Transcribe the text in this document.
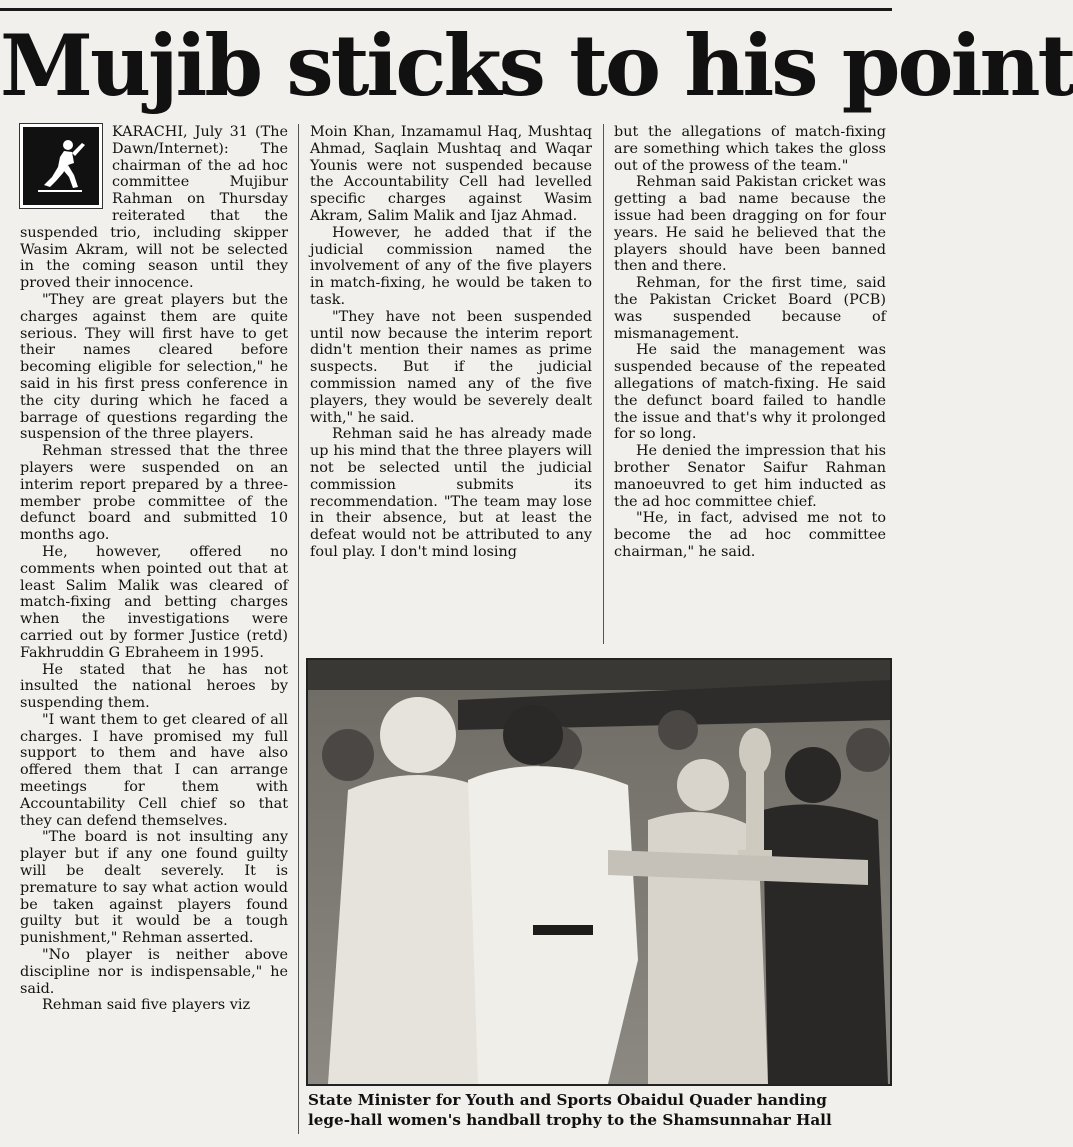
Mujib sticks to his point

KARACHI, July 31 (The Dawn/Internet): The chairman of the ad hoc committee Mujibur Rahman on Thursday reiterated that the suspended trio, including skipper Wasim Akram, will not be selected in the coming season until they proved their innocence.

"They are great players but the charges against them are quite serious. They will first have to get their names cleared before becoming eligible for selection," he said in his first press conference in the city during which he faced a barrage of questions regarding the suspension of the three players.

Rehman stressed that the three players were suspended on an interim report prepared by a three-member probe committee of the defunct board and submitted 10 months ago.

He, however, offered no comments when pointed out that at least Salim Malik was cleared of match-fixing and betting charges when the investigations were carried out by former Justice (retd) Fakhruddin G Ebraheem in 1995.

He stated that he has not insulted the national heroes by suspending them.

"I want them to get cleared of all charges. I have promised my full support to them and have also offered them that I can arrange meetings for them with Accountability Cell chief so that they can defend themselves.

"The board is not insulting any player but if any one found guilty will be dealt severely. It is premature to say what action would be taken against players found guilty but it would be a tough punishment," Rehman asserted.

"No player is neither above discipline nor is indispensable," he said.

Rehman said five players viz

Moin Khan, Inzamamul Haq, Mushtaq Ahmad, Saqlain Mushtaq and Waqar Younis were not suspended because the Accountability Cell had levelled specific charges against Wasim Akram, Salim Malik and Ijaz Ahmad.

However, he added that if the judicial commission named the involvement of any of the five players in match-fixing, he would be taken to task.

"They have not been suspended until now because the interim report didn't mention their names as prime suspects. But if the judicial commission named any of the five players, they would be severely dealt with," he said.

Rehman said he has already made up his mind that the three players will not be selected until the judicial commission submits its recommendation. "The team may lose in their absence, but at least the defeat would not be attributed to any foul play. I don't mind losing

but the allegations of match-fixing are something which takes the gloss out of the prowess of the team."

Rehman said Pakistan cricket was getting a bad name because the issue had been dragging on for four years. He said he believed that the players should have been banned then and there.

Rehman, for the first time, said the Pakistan Cricket Board (PCB) was suspended because of mismanagement.

He said the management was suspended because of the repeated allegations of match-fixing. He said the defunct board failed to handle the issue and that's why it prolonged for so long.

He denied the impression that his brother Senator Saifur Rahman manoeuvred to get him inducted as the ad hoc committee chief.

"He, in fact, advised me not to become the ad hoc committee chairman," he said.

State Minister for Youth and Sports Obaidul Quader handing
lege-hall women's handball trophy to the Shamsunnahar Hall
